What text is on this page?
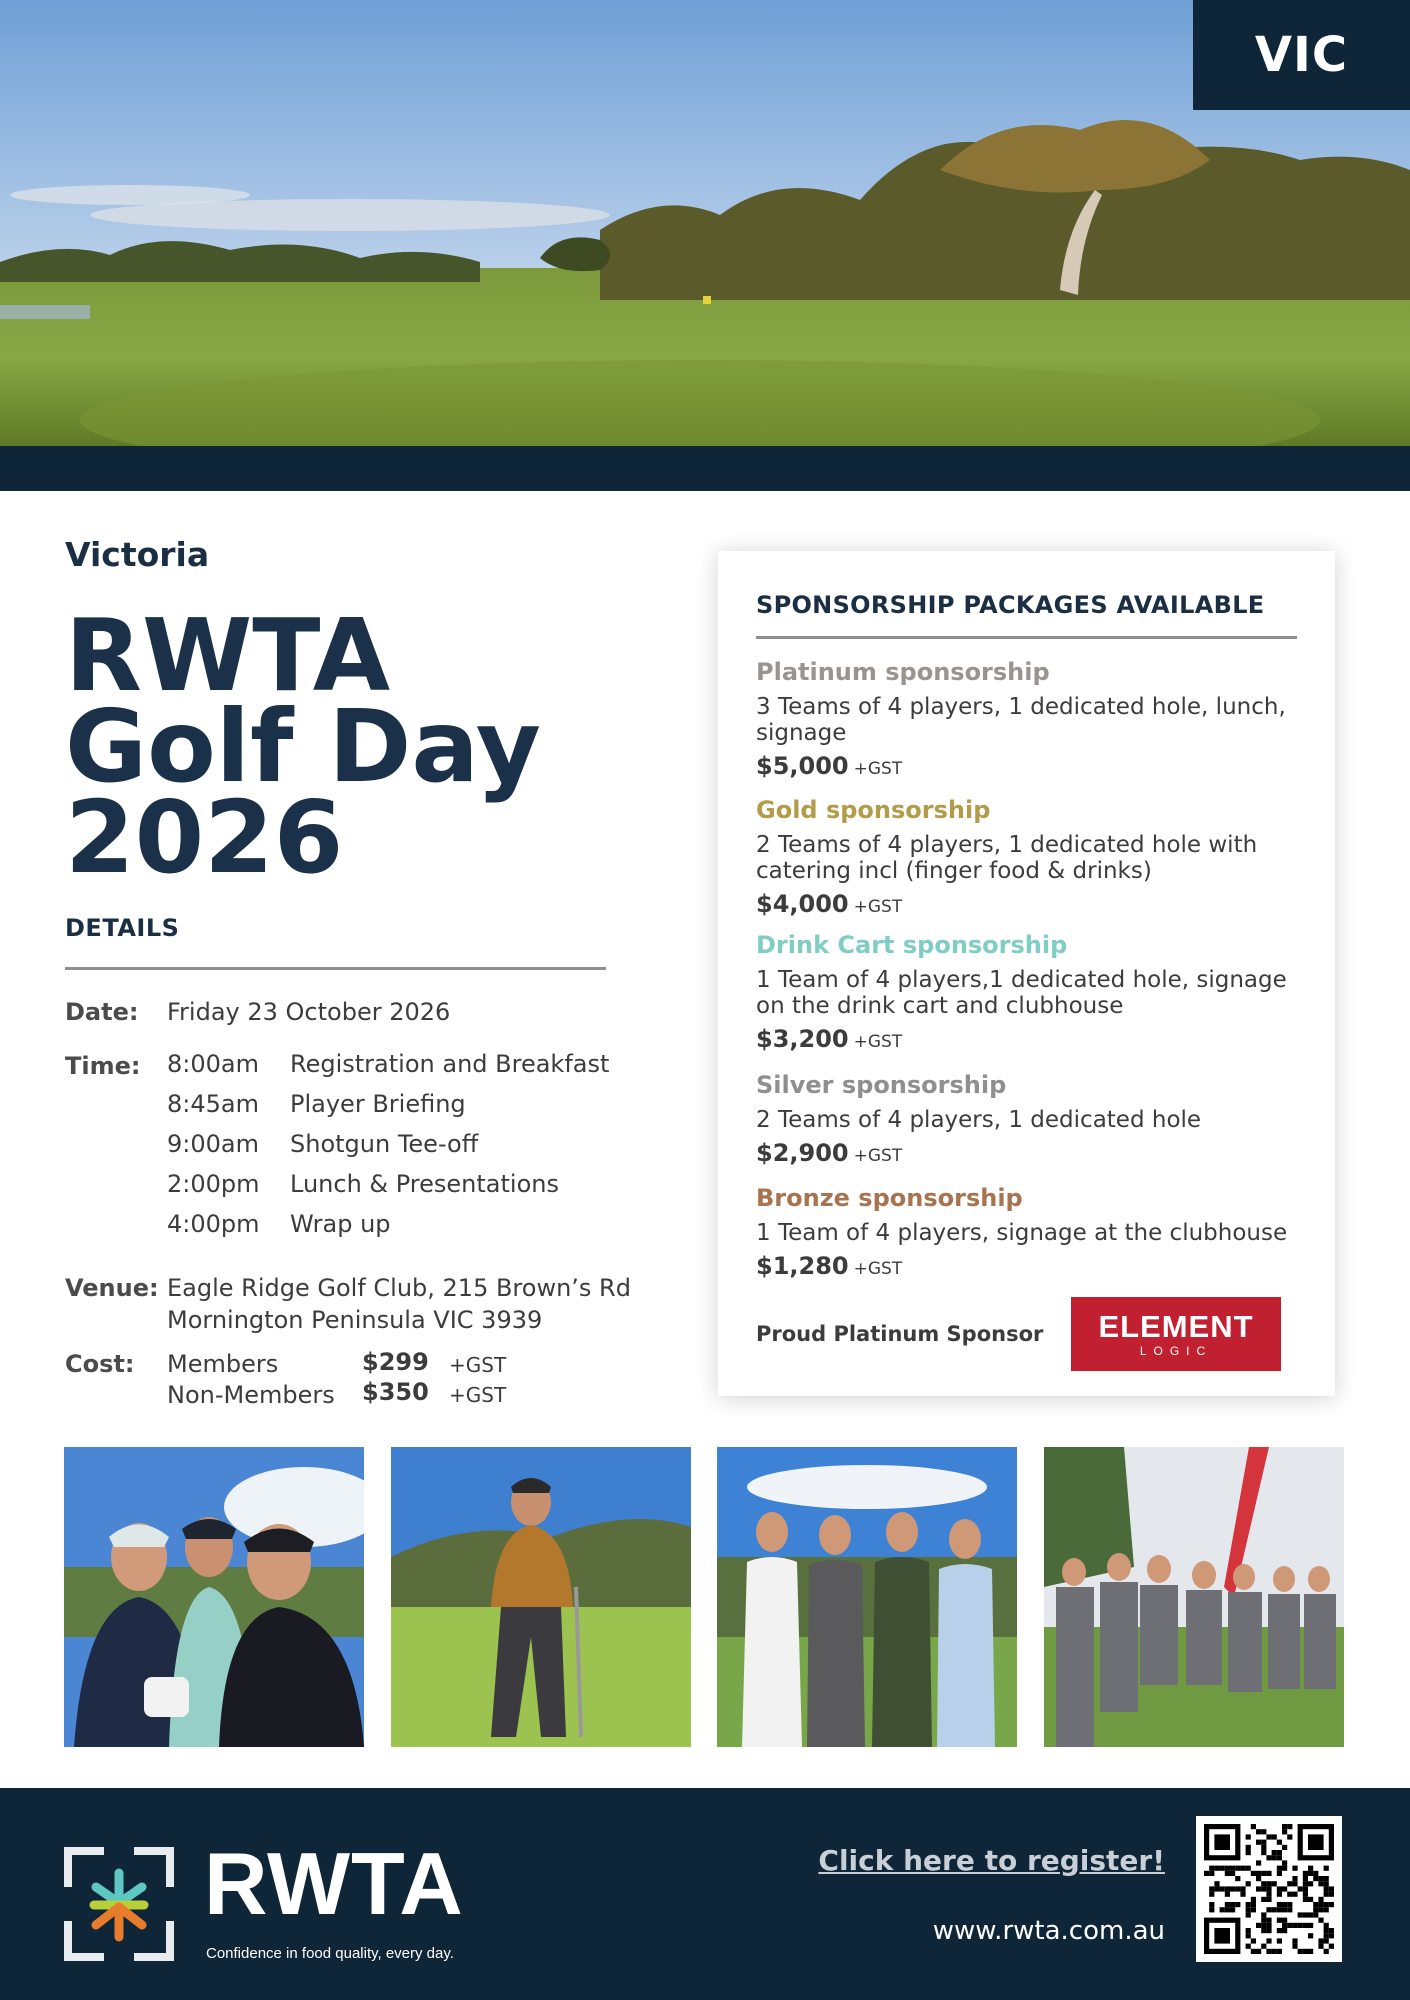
VIC
Victoria
RWTA
Golf Day
2026
DETAILS
Date: Friday 23 October 2026
Time: 8:00am Registration and Breakfast
8:45am Player Briefing
9:00am Shotgun Tee-off
2:00pm Lunch & Presentations
4:00pm Wrap up
Venue: Eagle Ridge Golf Club, 215 Brown’s Rd
Mornington Peninsula VIC 3939
Cost: Members	$299 +GST
Non-Members $350 +GST
SPONSORSHIP PACKAGES AVAILABLE
Platinum sponsorship
3 Teams of 4 players, 1 dedicated hole, lunch, signage
$5,000 +GST
Gold sponsorship
2 Teams of 4 players, 1 dedicated hole with catering incl (finger food & drinks)
$4,000 +GST
Drink Cart sponsorship
1 Team of 4 players,1 dedicated hole, signage on the drink cart and clubhouse
$3,200 +GST
Silver sponsorship
2 Teams of 4 players, 1 dedicated hole
$2,900 +GST
Bronze sponsorship
1 Team of 4 players, signage at the clubhouse
$1,280 +GST
Proud Platinum Sponsor ELEMENT
LOGIC
RWTA
Confidence in food quality, every day.
Click here to register!
www.rwta.com.au
